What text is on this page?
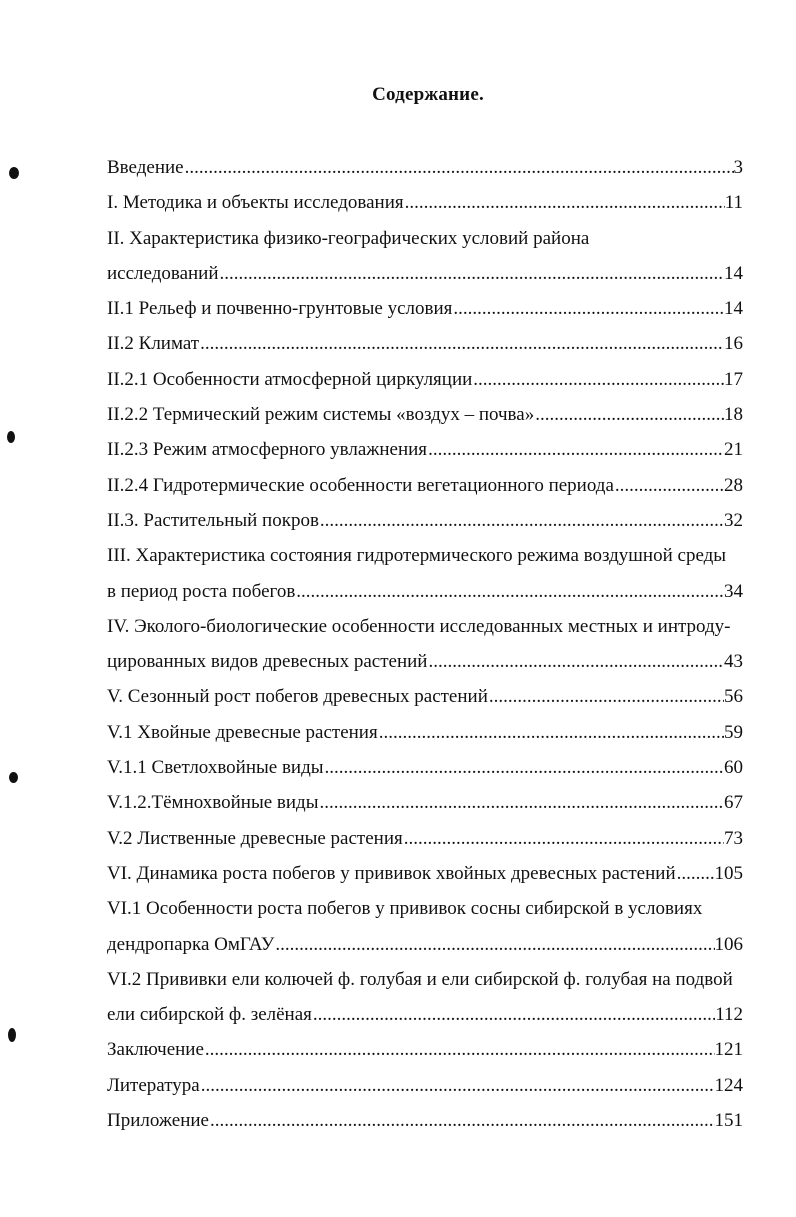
Содержание.
Введение .....	3
I. Методика и объекты исследования .....	11
II. Характеристика физико-географических условий района
исследований .....	14
II.1 Рельеф и почвенно-грунтовые условия .....	14
II.2 Климат .....	16
II.2.1 Особенности атмосферной циркуляции .....	17
II.2.2 Термический режим системы «воздух – почва» .....	18
II.2.3 Режим атмосферного увлажнения .....	21
II.2.4 Гидротермические особенности вегетационного периода .....	28
II.3. Растительный покров .....	32
III. Характеристика состояния гидротермического режима воздушной среды
в период роста побегов .....	34
IV. Эколого-биологические особенности исследованных местных и интроду-
цированных видов древесных растений .....	43
V. Сезонный рост побегов древесных растений .....	56
V.1 Хвойные древесные растения .....	59
V.1.1 Светлохвойные виды .....	60
V.1.2.Тёмнохвойные виды .....	67
V.2 Лиственные древесные растения .....	73
VI. Динамика роста побегов у прививок хвойных древесных растений ..... 105
VI.1 Особенности роста побегов у прививок сосны сибирской в условиях
дендропарка ОмГАУ .....	106
VI.2 Прививки ели колючей ф. голубая и ели сибирской ф. голубая на подвой
ели сибирской ф. зелёная .....	112
Заключение .....	121
Литература .....	124
Приложение .....	151
